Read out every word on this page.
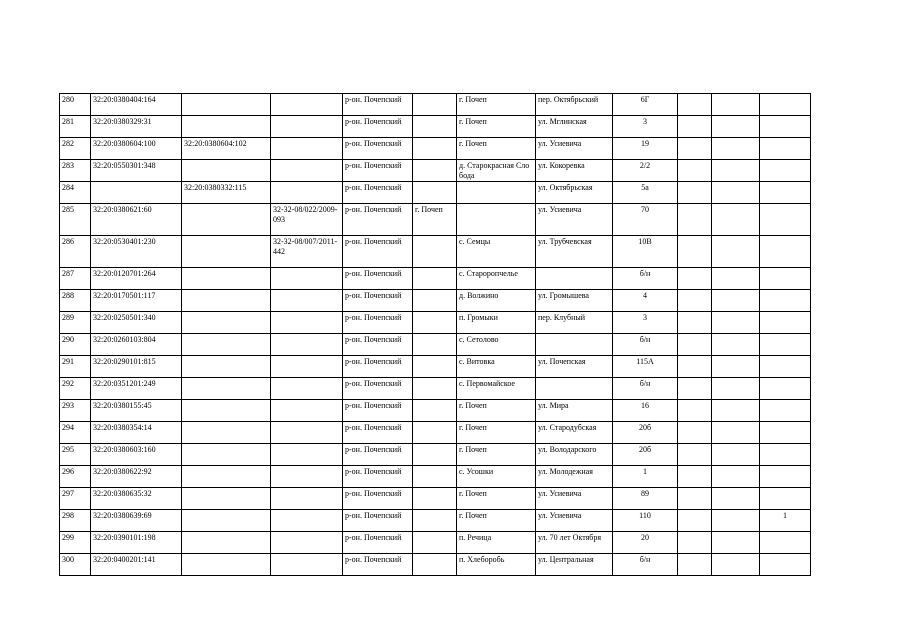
280	32:20:0380404:164			р-он. Почепский		г. Почеп	пер. Октябрьский	6Г			
281	32:20:0380329:31			р-он. Почепский		г. Почеп	ул. Мглинская	3			
282	32:20:0380604:100	32:20:0380604:102		р-он. Почепский		г. Почеп	ул. Усиевича	19			
283	32:20:0550301:348			р-он. Почепский		д. Старокрасная Слобода	ул. Кокоревка	2/2			
284		32:20:0380332:115		р-он. Почепский			ул. Октябрьская	5а			
285	32:20:0380621:60		32-32-08/022/2009-093	р-он. Почепский	г. Почеп		ул. Усиевича	70			
286	32:20:0530401:230		32-32-08/007/2011-442	р-он. Почепский		с. Семцы	ул. Трубчевская	10В			
287	32:20:0120701:264			р-он. Почепский		с. Староропчелье		б/н			
288	32:20:0170501:117			р-он. Почепский		д. Волжино	ул. Громышева	4			
289	32:20:0250501:340			р-он. Почепский		п. Громыки	пер. Клубный	3			
290	32:20:0260103:804			р-он. Почепский		с. Сетолово		б/н			
291	32:20:0290101:815			р-он. Почепский		с. Витовка	ул. Почепская	115А			
292	32:20:0351201:249			р-он. Почепский		с. Первомайское		б/н			
293	32:20:0380155:45			р-он. Почепский		г. Почеп	ул. Мира	16			
294	32:20:0380354:14			р-он. Почепский		г. Почеп	ул. Стародубская	20б			
295	32:20:0380603:160			р-он. Почепский		г. Почеп	ул. Володарского	20б			
296	32:20:0380622:92			р-он. Почепский		с. Усошки	ул. Молодежная	1			
297	32:20:0380635:32			р-он. Почепский		г. Почеп	ул. Усиевича	89			
298	32:20:0380639:69			р-он. Почепский		г. Почеп	ул. Усиевича	110			1
299	32:20:0390101:198			р-он. Почепский		п. Речица	ул. 70 лет Октября	20			
300	32:20:0400201:141			р-он. Почепский		п. Хлеборобь	ул. Центральная	б/н			
